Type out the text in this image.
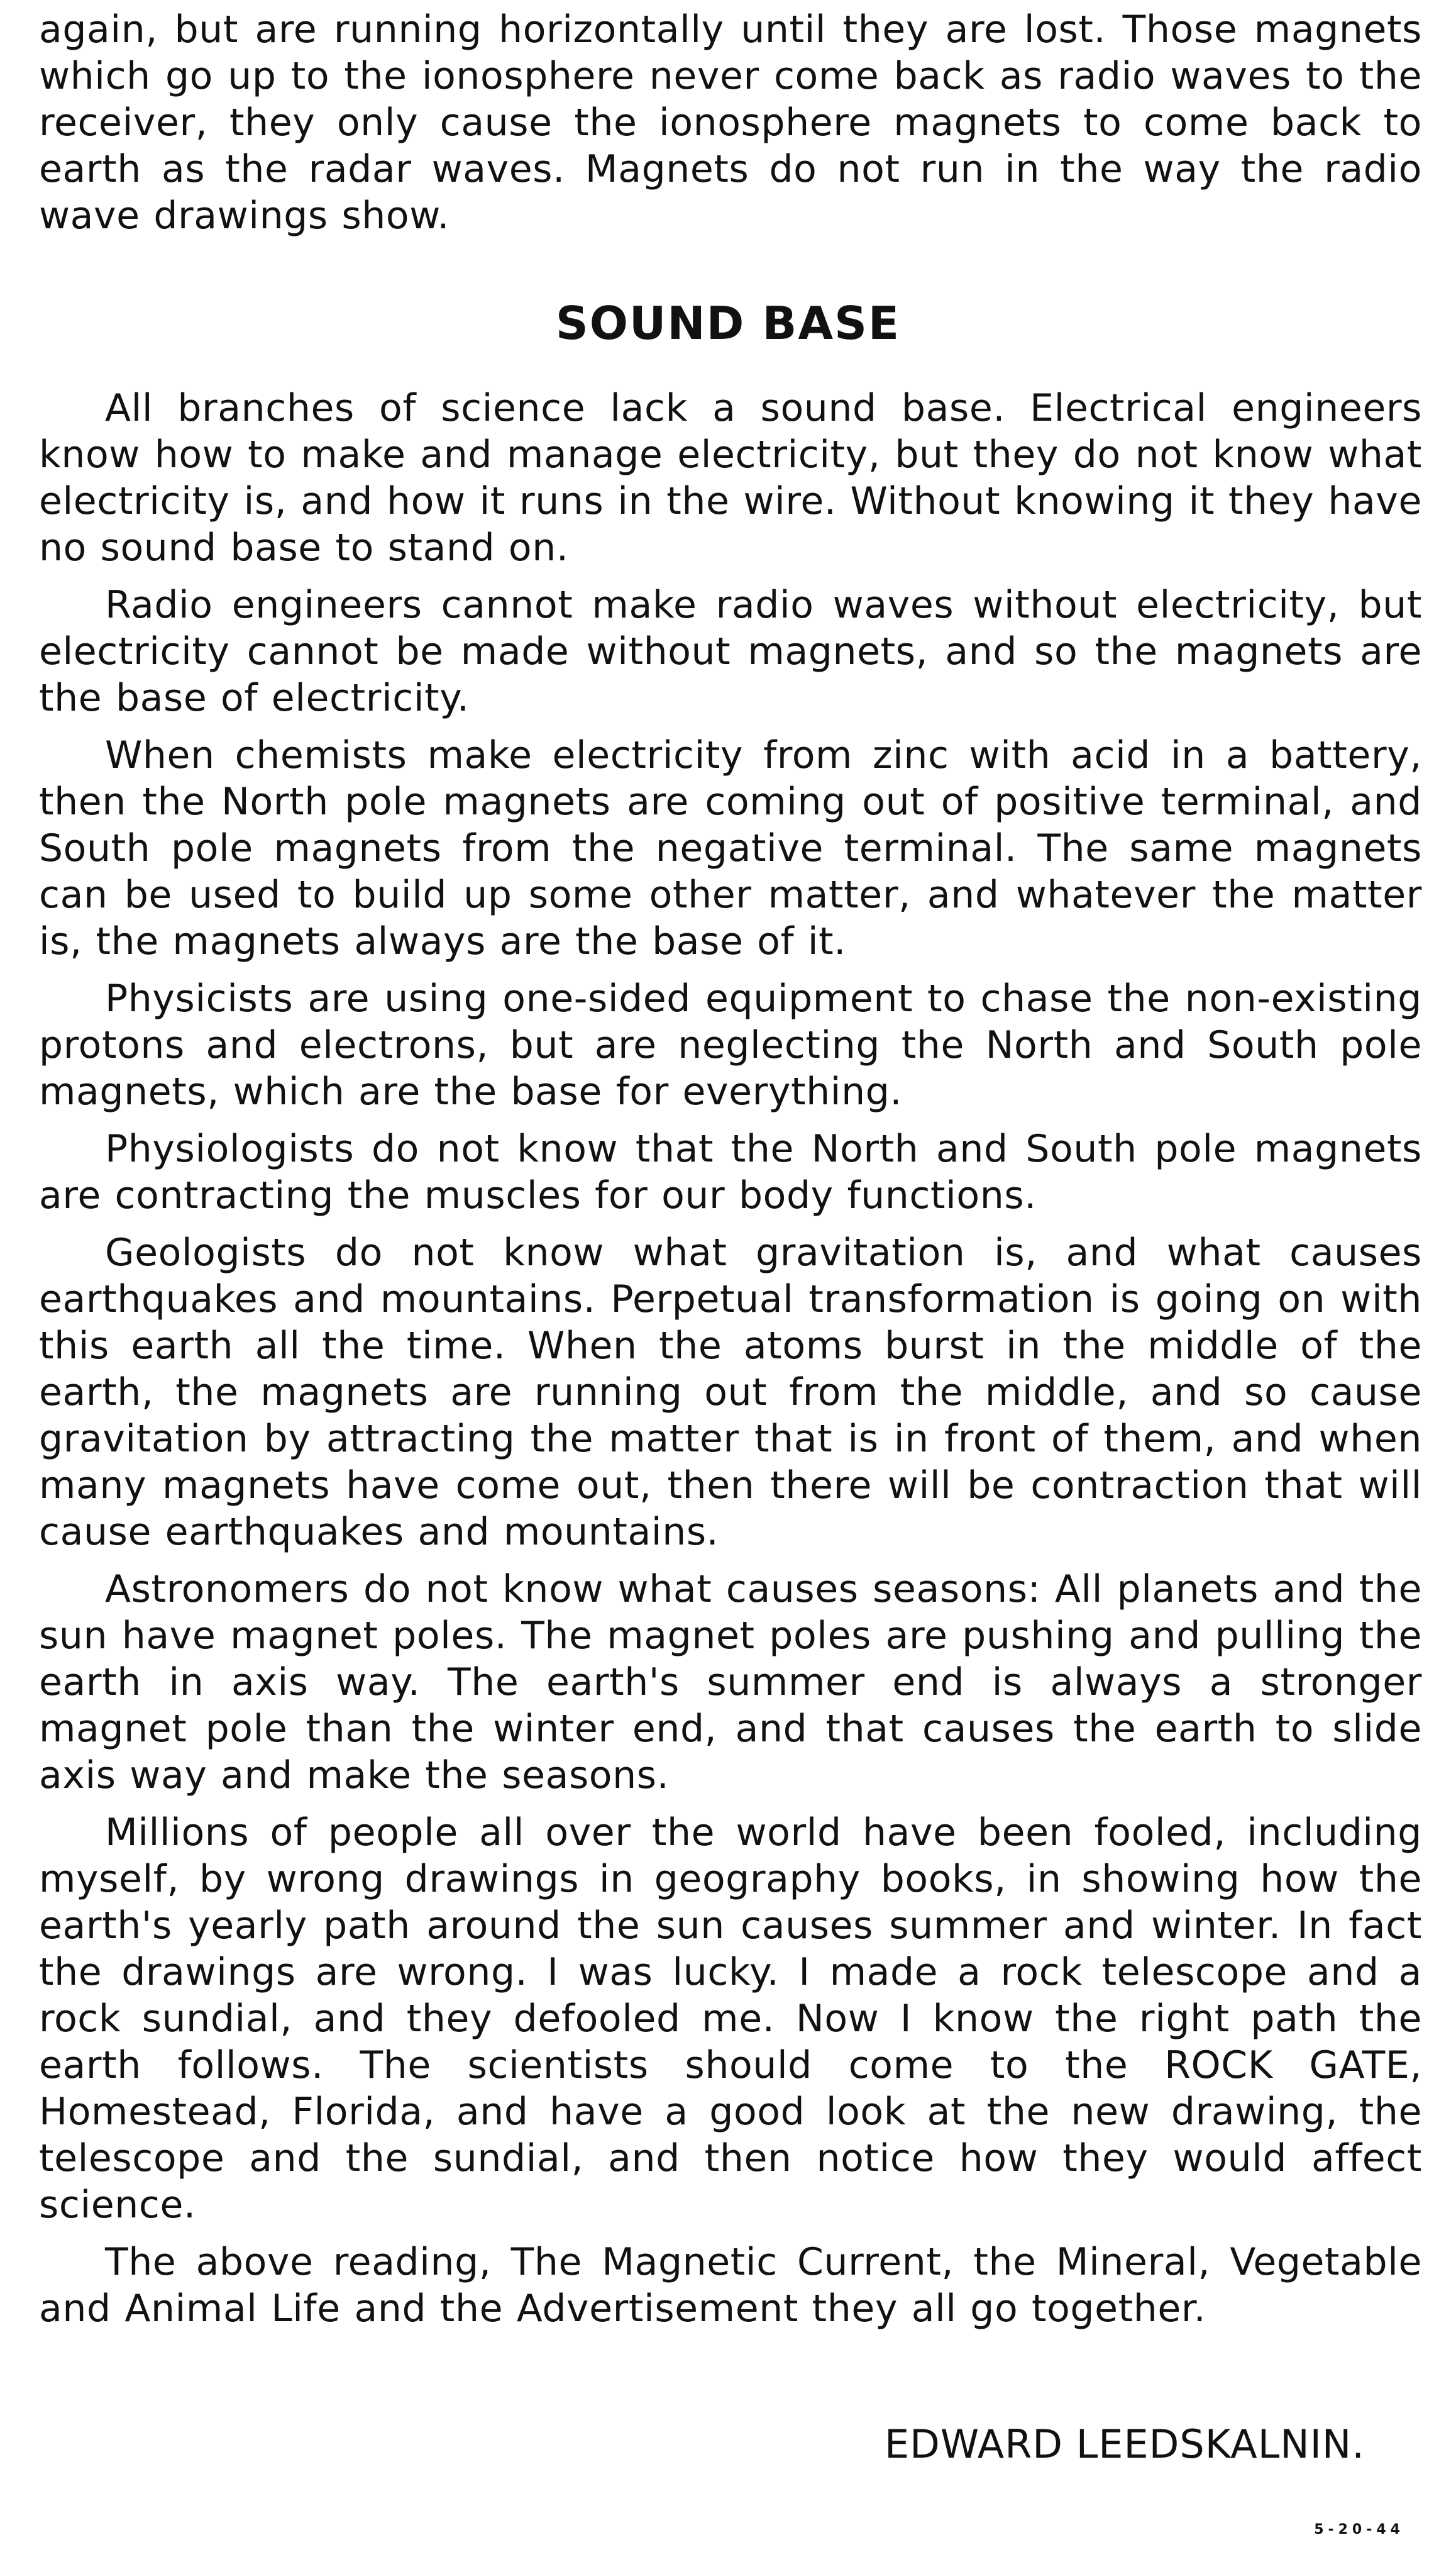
again, but are running horizontally until they are lost. Those magnets which go up to the ionosphere never come back as radio waves to the receiver, they only cause the ionosphere magnets to come back to earth as the radar waves. Magnets do not run in the way the radio wave drawings show.
SOUND BASE

All branches of science lack a sound base. Electrical engineers know how to make and manage electricity, but they do not know what electricity is, and how it runs in the wire. Without knowing it they have no sound base to stand on.

Radio engineers cannot make radio waves without electricity, but electricity cannot be made without magnets, and so the magnets are the base of electricity.

When chemists make electricity from zinc with acid in a battery, then the North pole magnets are coming out of positive terminal, and South pole magnets from the negative terminal. The same magnets can be used to build up some other matter, and whatever the matter is, the magnets always are the base of it.

Physicists are using one-sided equipment to chase the non-existing protons and electrons, but are neglecting the North and South pole magnets, which are the base for everything.

Physiologists do not know that the North and South pole magnets are contracting the muscles for our body functions.

Geologists do not know what gravitation is, and what causes earthquakes and mountains. Perpetual transformation is going on with this earth all the time. When the atoms burst in the middle of the earth, the magnets are running out from the middle, and so cause gravitation by attracting the matter that is in front of them, and when many magnets have come out, then there will be contraction that will cause earthquakes and mountains.

Astronomers do not know what causes seasons: All planets and the sun have magnet poles. The magnet poles are pushing and pulling the earth in axis way. The earth's summer end is always a stronger magnet pole than the winter end, and that causes the earth to slide axis way and make the seasons.

Millions of people all over the world have been fooled, including myself, by wrong drawings in geography books, in showing how the earth's yearly path around the sun causes summer and winter. In fact the drawings are wrong. I was lucky. I made a rock telescope and a rock sundial, and they defooled me. Now I know the right path the earth follows. The scientists should come to the ROCK GATE, Homestead, Florida, and have a good look at the new drawing, the telescope and the sundial, and then notice how they would affect science.

The above reading, The Magnetic Current, the Mineral, Vegetable and Animal Life and the Advertisement they all go together.

EDWARD LEEDSKALNIN.
5-20-44
